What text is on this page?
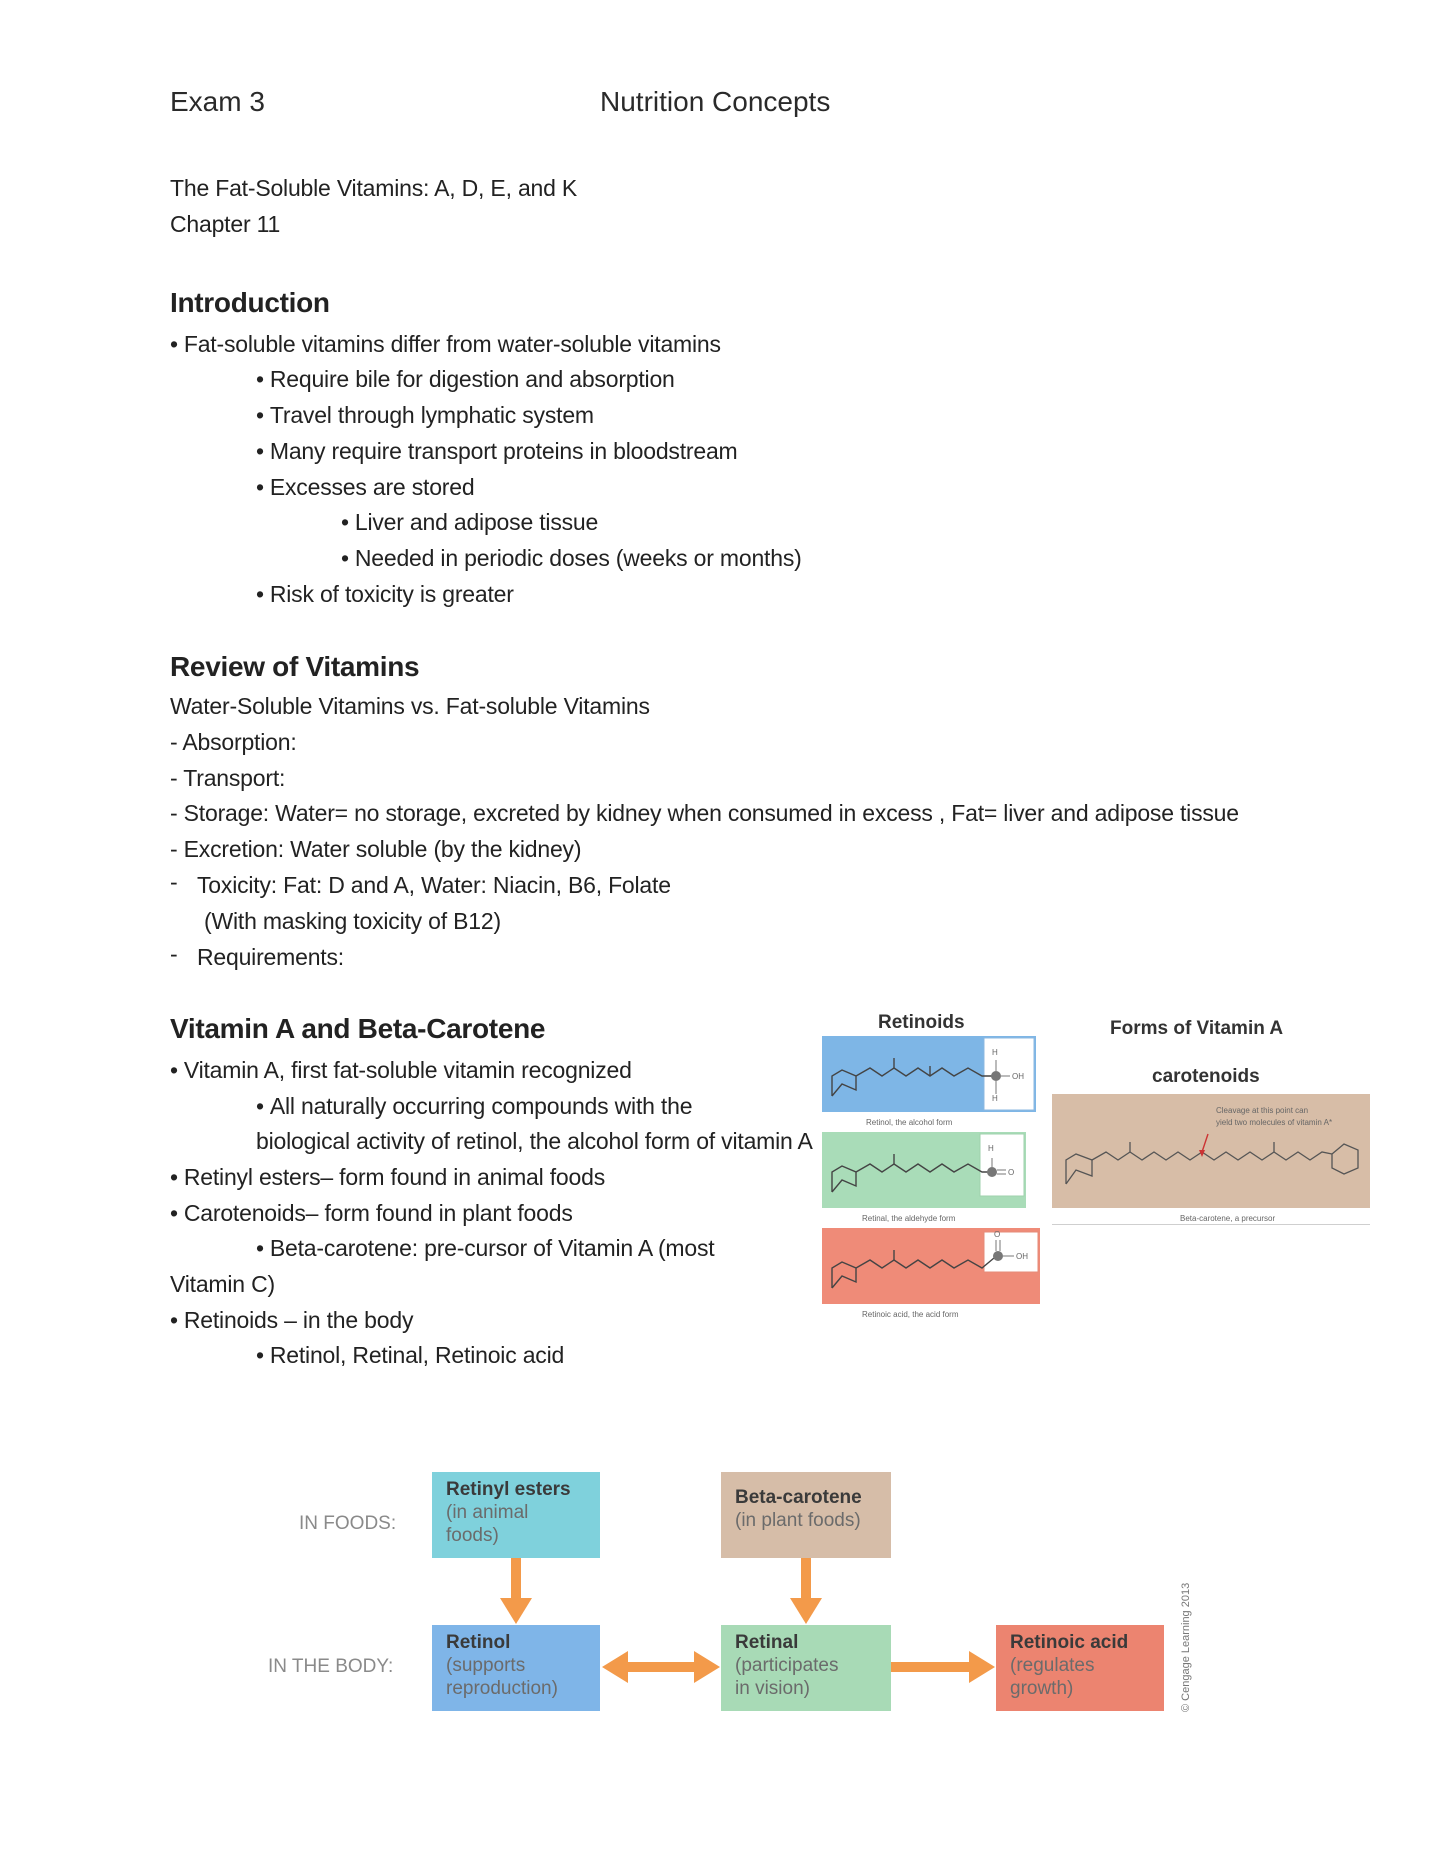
Exam 3	Nutrition Concepts
The Fat-Soluble Vitamins: A, D, E, and K
Chapter 11
Introduction
• Fat-soluble vitamins differ from water-soluble vitamins
• Require bile for digestion and absorption
• Travel through lymphatic system
• Many require transport proteins in bloodstream
• Excesses are stored
• Liver and adipose tissue
• Needed in periodic doses (weeks or months)
• Risk of toxicity is greater
Review of Vitamins
Water-Soluble Vitamins vs. Fat-soluble Vitamins
- Absorption:
- Transport:
- Storage: Water= no storage, excreted by kidney when consumed in excess , Fat= liver and adipose tissue
- Excretion: Water soluble (by the kidney)
- Toxicity: Fat: D and A, Water: Niacin, B6, Folate
(With masking toxicity of B12)
- Requirements:
Vitamin A and Beta-Carotene
• Vitamin A, first fat-soluble vitamin recognized
• All naturally occurring compounds with the
biological activity of retinol, the alcohol form of vitamin A
• Retinyl esters– form found in animal foods
• Carotenoids– form found in plant foods
• Beta-carotene: pre-cursor of Vitamin A (most
Vitamin C)
• Retinoids – in the body
• Retinol, Retinal, Retinoic acid
Retinoids	Forms of Vitamin A
carotenoids
H
H
OH
Retinol, the alcohol form
H
O
Retinal, the aldehyde form
O
OH
Retinoic acid, the acid form
Cleavage at this point can
yield two molecules of vitamin A*
Beta-carotene, a precursor
IN FOODS:
IN THE BODY:
Retinyl esters
(in animal
foods)
Beta-carotene
(in plant foods)
Retinol
(supports
reproduction)
Retinal
(participates
in vision)
Retinoic acid
(regulates
growth)	© Cengage Learning 2013
